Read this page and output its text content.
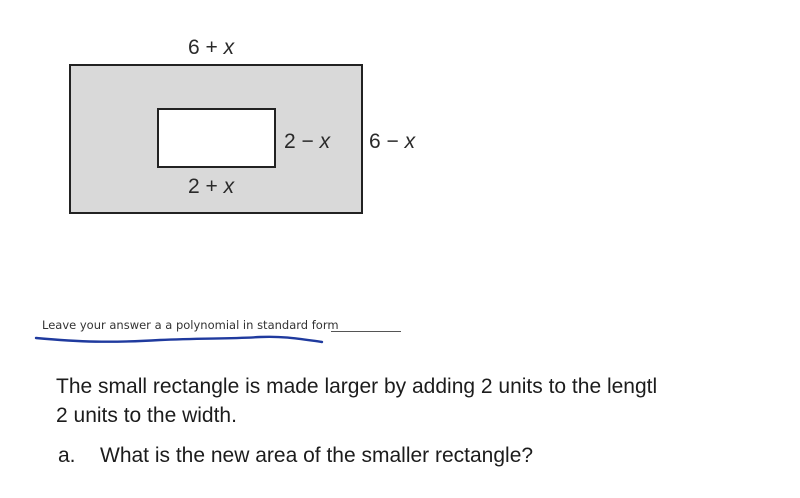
6 + x
2 + x
2 − x 6 − x
Leave your answer a a polynomial in standard form
The small rectangle is made larger by adding 2 units to the lengtl
2 units to the width.
a. What is the new area of the smaller rectangle?
